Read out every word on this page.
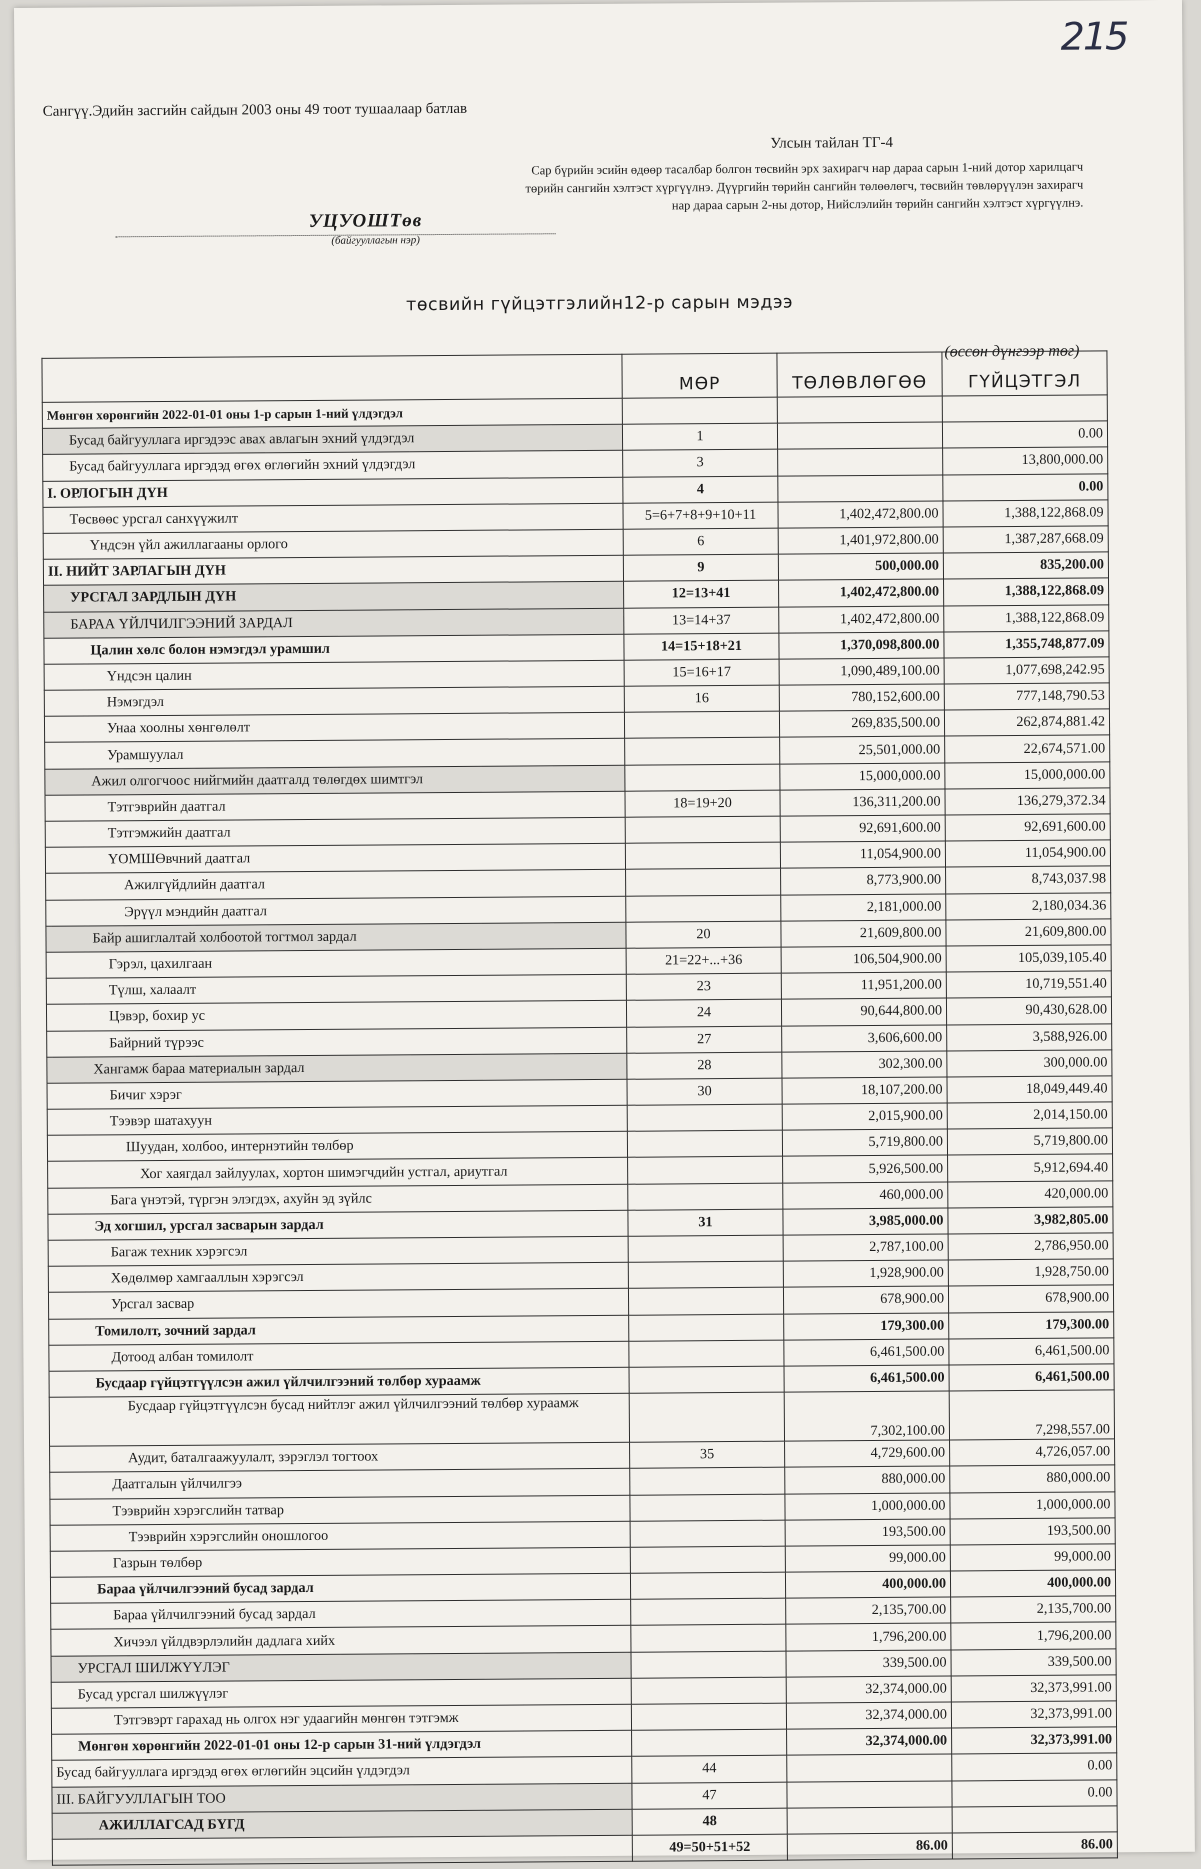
215
Сангүү.Эдийн засгийн сайдын 2003 оны 49 тоот тушаалаар батлав
Улсын тайлан ТГ-4
Сар бүрийн эсийн өдөөр тасалбар болгон төсвийн эрх захирагч нар дараа сарын 1-ний дотор харилцагч төрийн сангийн хэлтэст хүргүүлнэ. Дүүргийн төрийн сангийн төлөөлөгч, төсвийн төвлөрүүлэн захирагч нар дараа сарын 2-ны дотор, Нийслэлийн төрийн сангийн хэлтэст хүргүүлнэ.
УЦУОШТөв
(байгууллагын нэр)
төсвийн гүйцэтгэлийн12-р сарын мэдээ
(өссөн дүнгээр төг)
	МӨР	ТӨЛӨВЛӨГӨӨ	ГҮЙЦЭТГЭЛ
Мөнгөн хөрөнгийн 2022-01-01 оны 1-р сарын 1-ний үлдэгдэл			
Бусад байгууллага иргэдээс авах авлагын эхний үлдэгдэл	1		0.00
Бусад байгууллага иргэдэд өгөх өглөгийн эхний үлдэгдэл	3		13,800,000.00
I. ОРЛОГЫН ДҮН	4		0.00
Төсвөөс урсгал санхүүжилт	5=6+7+8+9+10+11	1,402,472,800.00	1,388,122,868.09
Үндсэн үйл ажиллагааны орлого	6	1,401,972,800.00	1,387,287,668.09
II. НИЙТ ЗАРЛАГЫН ДҮН	9	500,000.00	835,200.00
УРСГАЛ ЗАРДЛЫН ДҮН	12=13+41	1,402,472,800.00	1,388,122,868.09
БАРАА ҮЙЛЧИЛГЭЭНИЙ ЗАРДАЛ	13=14+37	1,402,472,800.00	1,388,122,868.09
Цалин хөлс болон нэмэгдэл урамшил	14=15+18+21	1,370,098,800.00	1,355,748,877.09
Үндсэн цалин	15=16+17	1,090,489,100.00	1,077,698,242.95
Нэмэгдэл	16	780,152,600.00	777,148,790.53
Унаа хоолны хөнгөлөлт		269,835,500.00	262,874,881.42
Урамшуулал		25,501,000.00	22,674,571.00
Ажил олгогчоос нийгмийн даатгалд төлөгдөх шимтгэл		15,000,000.00	15,000,000.00
Тэтгэврийн даатгал	18=19+20	136,311,200.00	136,279,372.34
Тэтгэмжийн даатгал		92,691,600.00	92,691,600.00
ҮОМШӨвчний даатгал		11,054,900.00	11,054,900.00
Ажилгүйдлийн даатгал		8,773,900.00	8,743,037.98
Эрүүл мэндийн даатгал		2,181,000.00	2,180,034.36
Байр ашиглалтай холбоотой тогтмол зардал	20	21,609,800.00	21,609,800.00
Гэрэл, цахилгаан	21=22+...+36	106,504,900.00	105,039,105.40
Түлш, халаалт	23	11,951,200.00	10,719,551.40
Цэвэр, бохир ус	24	90,644,800.00	90,430,628.00
Байрний түрээс	27	3,606,600.00	3,588,926.00
Хангамж бараа материалын зардал	28	302,300.00	300,000.00
Бичиг хэрэг	30	18,107,200.00	18,049,449.40
Тээвэр шатахуун		2,015,900.00	2,014,150.00
Шуудан, холбоо, интернэтийн төлбөр		5,719,800.00	5,719,800.00
Хог хаягдал зайлуулах, хортон шимэгчдийн устгал, ариутгал		5,926,500.00	5,912,694.40
Бага үнэтэй, түргэн элэгдэх, ахуйн эд зүйлс		460,000.00	420,000.00
Эд хогшил, урсгал засварын зардал	31	3,985,000.00	3,982,805.00
Багаж техник хэрэгсэл		2,787,100.00	2,786,950.00
Хөдөлмөр хамгааллын хэрэгсэл		1,928,900.00	1,928,750.00
Урсгал засвар		678,900.00	678,900.00
Томилолт, зочний зардал		179,300.00	179,300.00
Дотоод албан томилолт		6,461,500.00	6,461,500.00
Бусдаар гүйцэтгүүлсэн ажил үйлчилгээний төлбөр хураамж		6,461,500.00	6,461,500.00
Бусдаар гүйцэтгүүлсэн бусад нийтлэг ажил үйлчилгээний төлбөр хураамж		7,302,100.00	7,298,557.00
Аудит, баталгаажуулалт, зэрэглэл тогтоох	35	4,729,600.00	4,726,057.00
Даатгалын үйлчилгээ		880,000.00	880,000.00
Тээврийн хэрэгслийн татвар		1,000,000.00	1,000,000.00
Тээврийн хэрэгслийн оношлогоо		193,500.00	193,500.00
Газрын төлбөр		99,000.00	99,000.00
Бараа үйлчилгээний бусад зардал		400,000.00	400,000.00
Бараа үйлчилгээний бусад зардал		2,135,700.00	2,135,700.00
Хичээл үйлдвэрлэлийн дадлага хийх		1,796,200.00	1,796,200.00
УРСГАЛ ШИЛЖҮҮЛЭГ		339,500.00	339,500.00
Бусад урсгал шилжүүлэг		32,374,000.00	32,373,991.00
Тэтгэвэрт гарахад нь олгох нэг удаагийн мөнгөн тэтгэмж		32,374,000.00	32,373,991.00
Мөнгөн хөрөнгийн 2022-01-01 оны 12-р сарын 31-ний үлдэгдэл		32,374,000.00	32,373,991.00
Бусад байгууллага иргэдэд өгөх өглөгийн эцсийн үлдэгдэл	44		0.00
III. БАЙГУУЛЛАГЫН ТОО	47		0.00
АЖИЛЛАГСАД БҮГД	48		
	49=50+51+52	86.00	86.00
